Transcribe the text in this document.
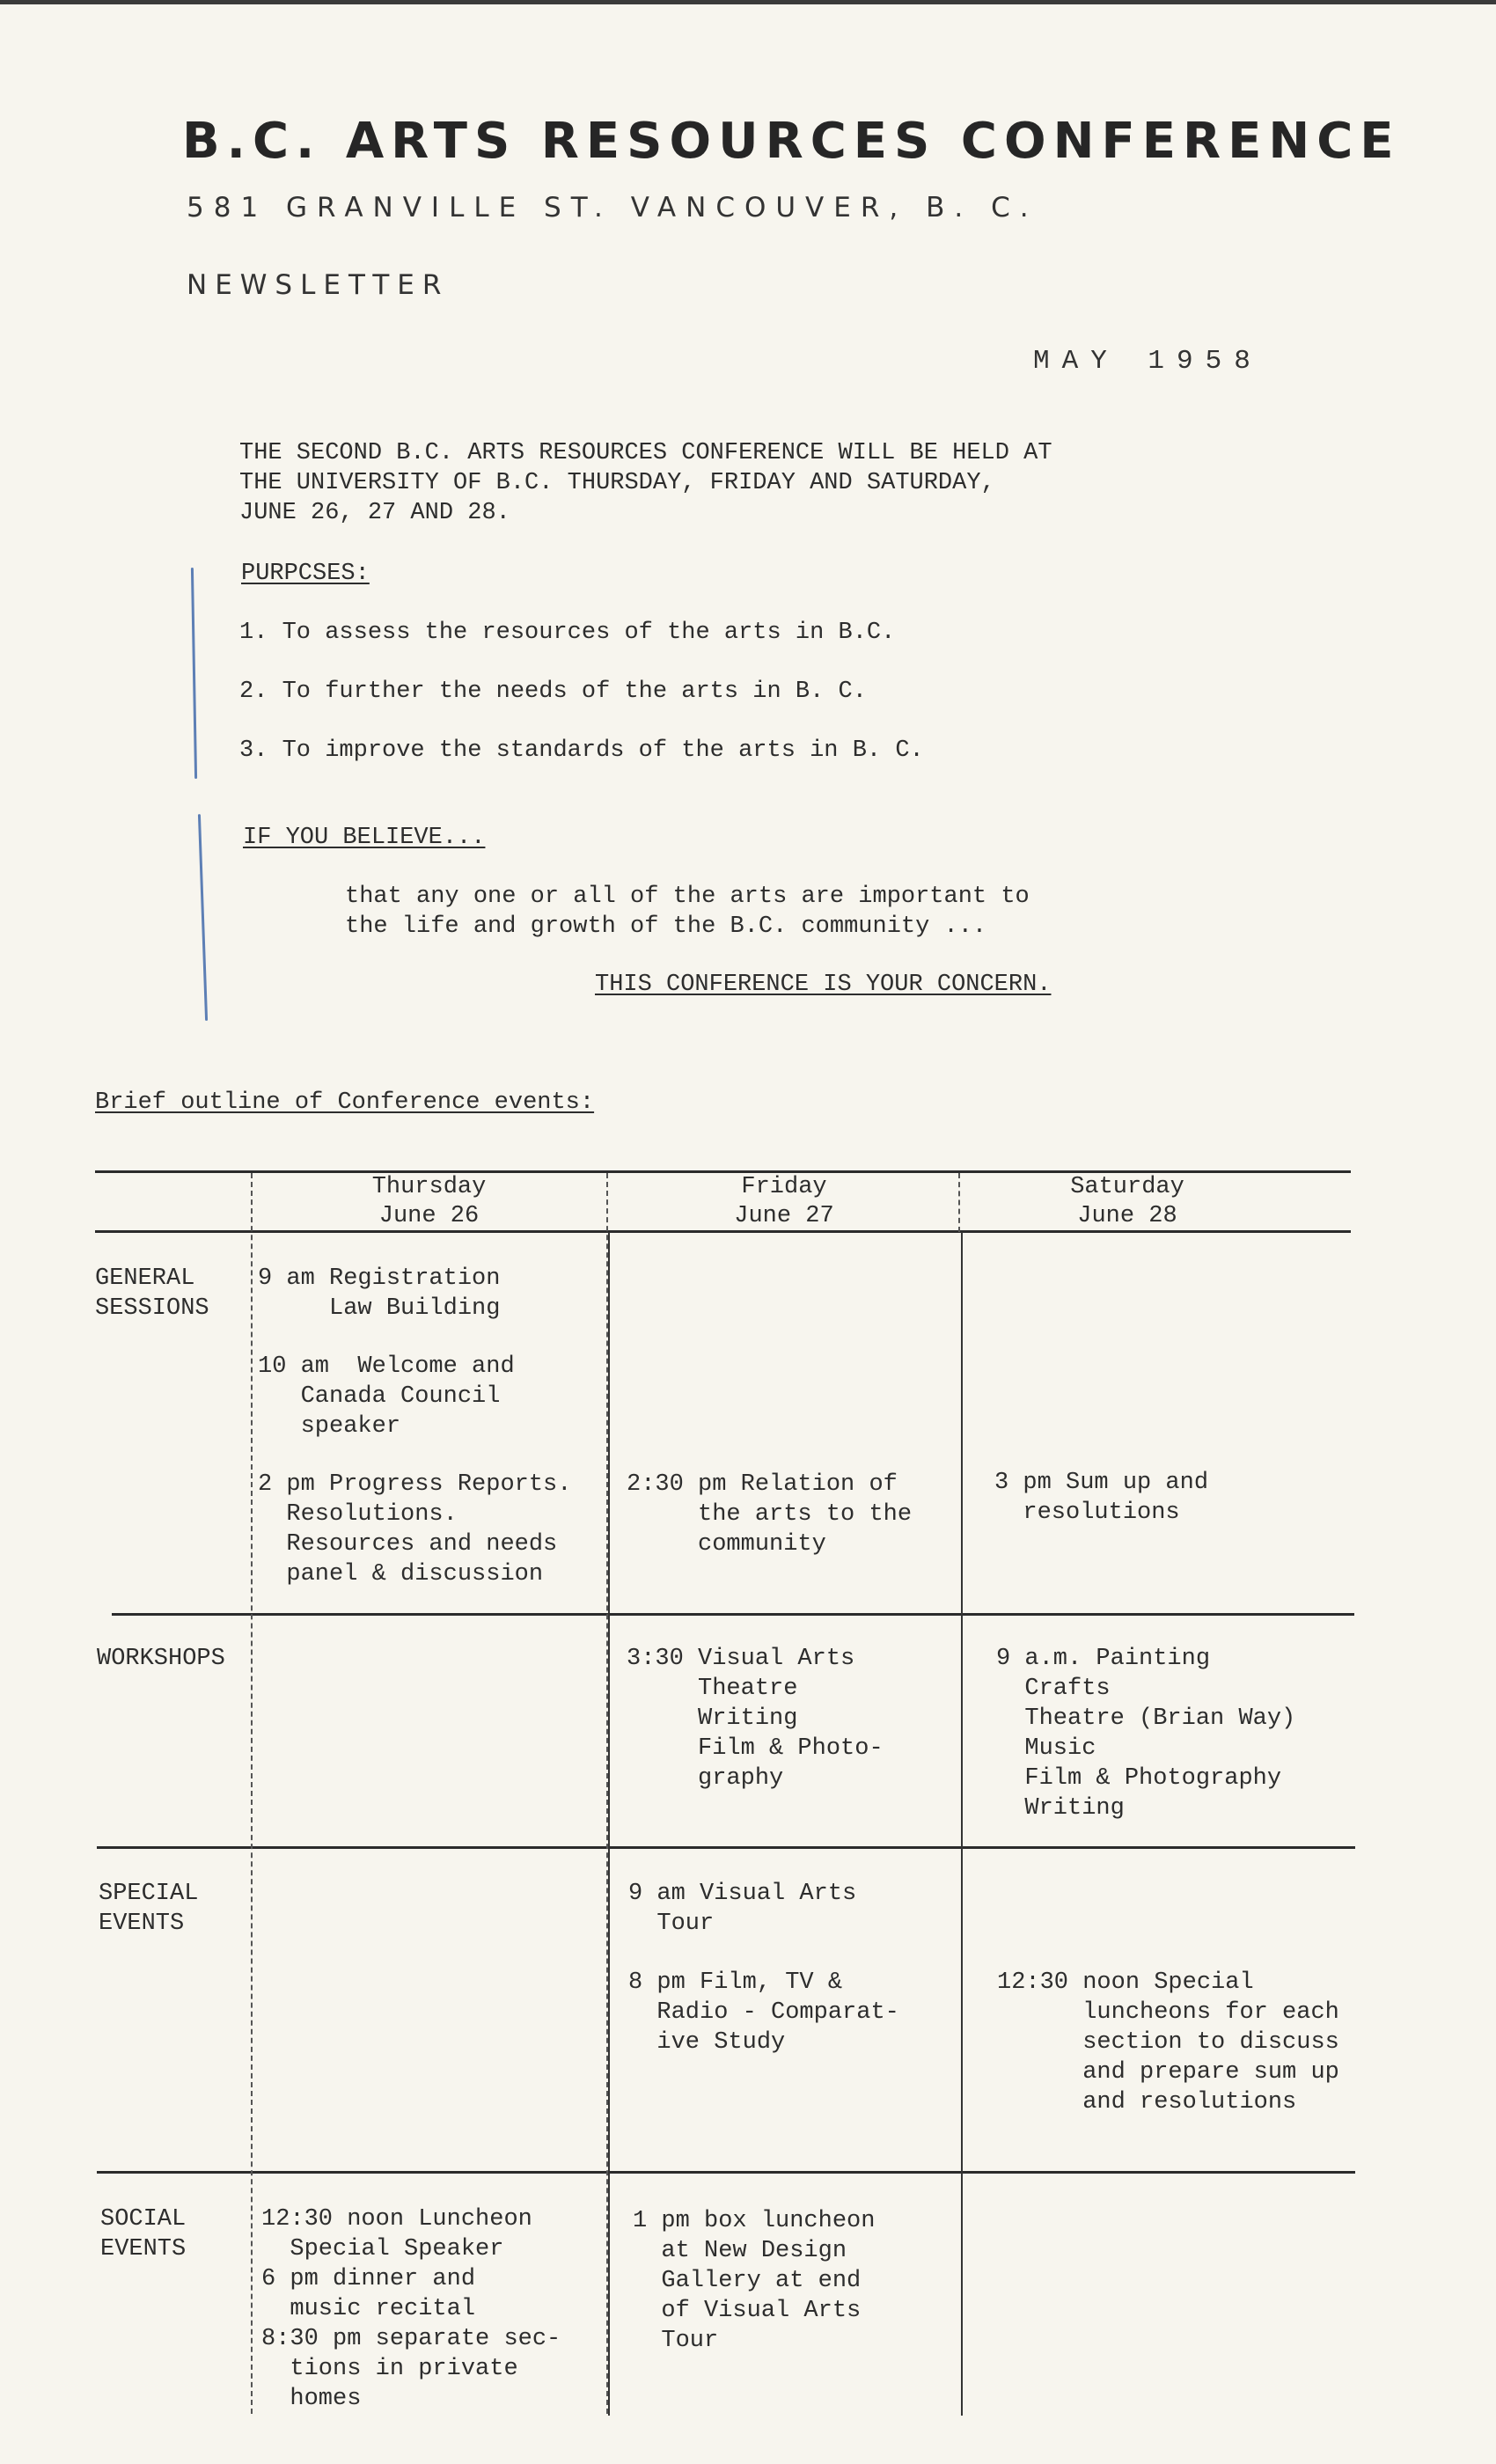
B.C. ARTS RESOURCES CONFERENCE
581 GRANVILLE ST. VANCOUVER, B. C.
NEWSLETTER
MAY 1958
THE SECOND B.C. ARTS RESOURCES CONFERENCE WILL BE HELD AT
THE UNIVERSITY OF B.C. THURSDAY, FRIDAY AND SATURDAY,
JUNE 26, 27 AND 28.
PURPCSES:
1. To assess the resources of the arts in B.C.
2. To further the needs of the arts in B. C.
3. To improve the standards of the arts in B. C.
IF YOU BELIEVE...
that any one or all of the arts are important to
the life and growth of the B.C. community ...
THIS CONFERENCE IS YOUR CONCERN.
Brief outline of Conference events:
Thursday
June 26
Friday
June 27
Saturday
June 28
GENERAL
SESSIONS
WORKSHOPS
SPECIAL
EVENTS
SOCIAL
EVENTS
9 am Registration
Law Building
10 am  Welcome and
Canada Council
speaker
2 pm Progress Reports.
Resolutions.
Resources and needs
panel & discussion
2:30 pm Relation of
the arts to the
community
3 pm Sum up and
resolutions
3:30 Visual Arts
Theatre
Writing
Film & Photo-
graphy
9 a.m. Painting
Crafts
Theatre (Brian Way)
Music
Film & Photography
Writing
9 am Visual Arts
Tour
8 pm Film, TV &
Radio - Comparat-
ive Study
12:30 noon Special
luncheons for each
section to discuss
and prepare sum up
and resolutions
12:30 noon Luncheon
Special Speaker
6 pm dinner and
music recital
8:30 pm separate sec-
tions in private
homes
1 pm box luncheon
at New Design
Gallery at end
of Visual Arts
Tour
